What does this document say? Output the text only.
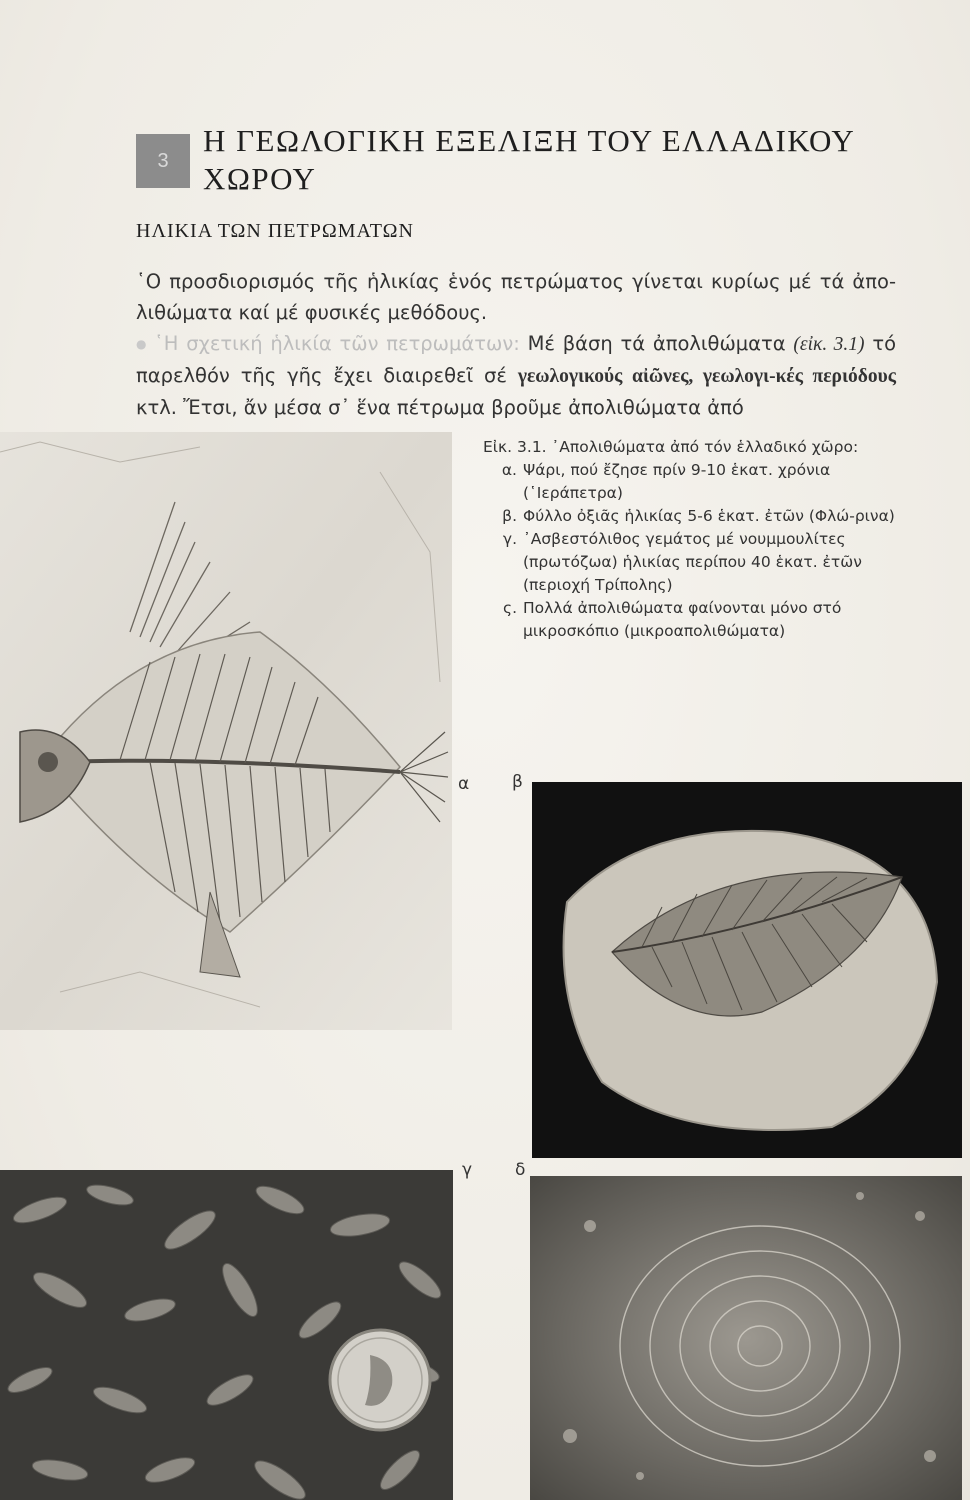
3
Η ΓΕΩΛΟΓΙΚΗ ΕΞΕΛΙΞΗ ΤΟΥ ΕΛΛΑΔΙΚΟΥ
ΧΩΡΟΥ
ΗΛΙΚΙΑ ΤΩΝ ΠΕΤΡΩΜΑΤΩΝ

῾Ο προσδιορισμός τῆς ἡλικίας ἑνός πετρώματος γίνεται κυρίως μέ τά ἀπο-λιθώματα καί μέ φυσικές μεθόδους.

● ῾Η σχετική ἡλικία τῶν πετρωμάτων: Μέ βάση τά ἀπολιθώματα (εἰκ. 3.1) τό παρελθόν τῆς γῆς ἔχει διαιρεθεῖ σέ γεωλογικούς αἰῶνες, γεωλογι-κές περιόδους κτλ. Ἔτσι, ἄν μέσα σ᾽ ἕνα πέτρωμα βροῦμε ἀπολιθώματα ἀπό

Εἰκ. 3.1. ᾿Απολιθώματα ἀπό τόν ἑλλαδικό χῶρο:
α. Ψάρι, πού ἔζησε πρίν 9-10 ἑκατ. χρόνια (῾Ιεράπετρα)
β. Φύλλο ὀξιᾶς ἡλικίας 5-6 ἑκατ. ἐτῶν (Φλώ-ρινα)
γ. ᾿Ασβεστόλιθος γεμάτος μέ νουμμουλίτες (πρωτόζωα) ἡλικίας περίπου 40 ἑκατ. ἐτῶν (περιοχή Τρίπολης)
ς. Πολλά ἀπολιθώματα φαίνονται μόνο στό μικροσκόπιο (μικροαπολιθώματα)
α	β
γ	δ
